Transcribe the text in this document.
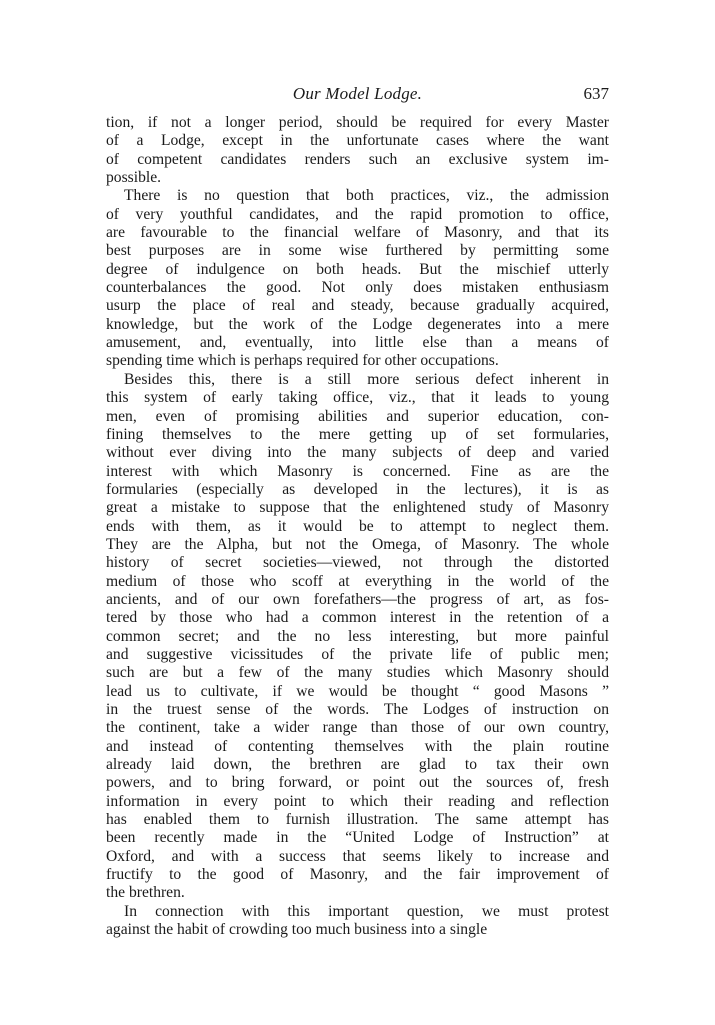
Our Model Lodge.	637
tion, if not a longer period, should be required for every Master
of a Lodge, except in the unfortunate cases where the want
of competent candidates renders such an exclusive system im-
possible.
There is no question that both practices, viz., the admission
of very youthful candidates, and the rapid promotion to office,
are favourable to the financial welfare of Masonry, and that its
best purposes are in some wise furthered by permitting some
degree of indulgence on both heads. But the mischief utterly
counterbalances the good. Not only does mistaken enthusiasm
usurp the place of real and steady, because gradually acquired,
knowledge, but the work of the Lodge degenerates into a mere
amusement, and, eventually, into little else than a means of
spending time which is perhaps required for other occupations.
Besides this, there is a still more serious defect inherent in
this system of early taking office, viz., that it leads to young
men, even of promising abilities and superior education, con-
fining themselves to the mere getting up of set formularies,
without ever diving into the many subjects of deep and varied
interest with which Masonry is concerned. Fine as are the
formularies (especially as developed in the lectures), it is as
great a mistake to suppose that the enlightened study of Masonry
ends with them, as it would be to attempt to neglect them.
They are the Alpha, but not the Omega, of Masonry. The whole
history of secret societies—viewed, not through the distorted
medium of those who scoff at everything in the world of the
ancients, and of our own forefathers—the progress of art, as fos-
tered by those who had a common interest in the retention of a
common secret; and the no less interesting, but more painful
and suggestive vicissitudes of the private life of public men;
such are but a few of the many studies which Masonry should
lead us to cultivate, if we would be thought “ good Masons ”
in the truest sense of the words. The Lodges of instruction on
the continent, take a wider range than those of our own country,
and instead of contenting themselves with the plain routine
already laid down, the brethren are glad to tax their own
powers, and to bring forward, or point out the sources of, fresh
information in every point to which their reading and reflection
has enabled them to furnish illustration. The same attempt has
been recently made in the “United Lodge of Instruction” at
Oxford, and with a success that seems likely to increase and
fructify to the good of Masonry, and the fair improvement of
the brethren.
In connection with this important question, we must protest
against the habit of crowding too much business into a single
